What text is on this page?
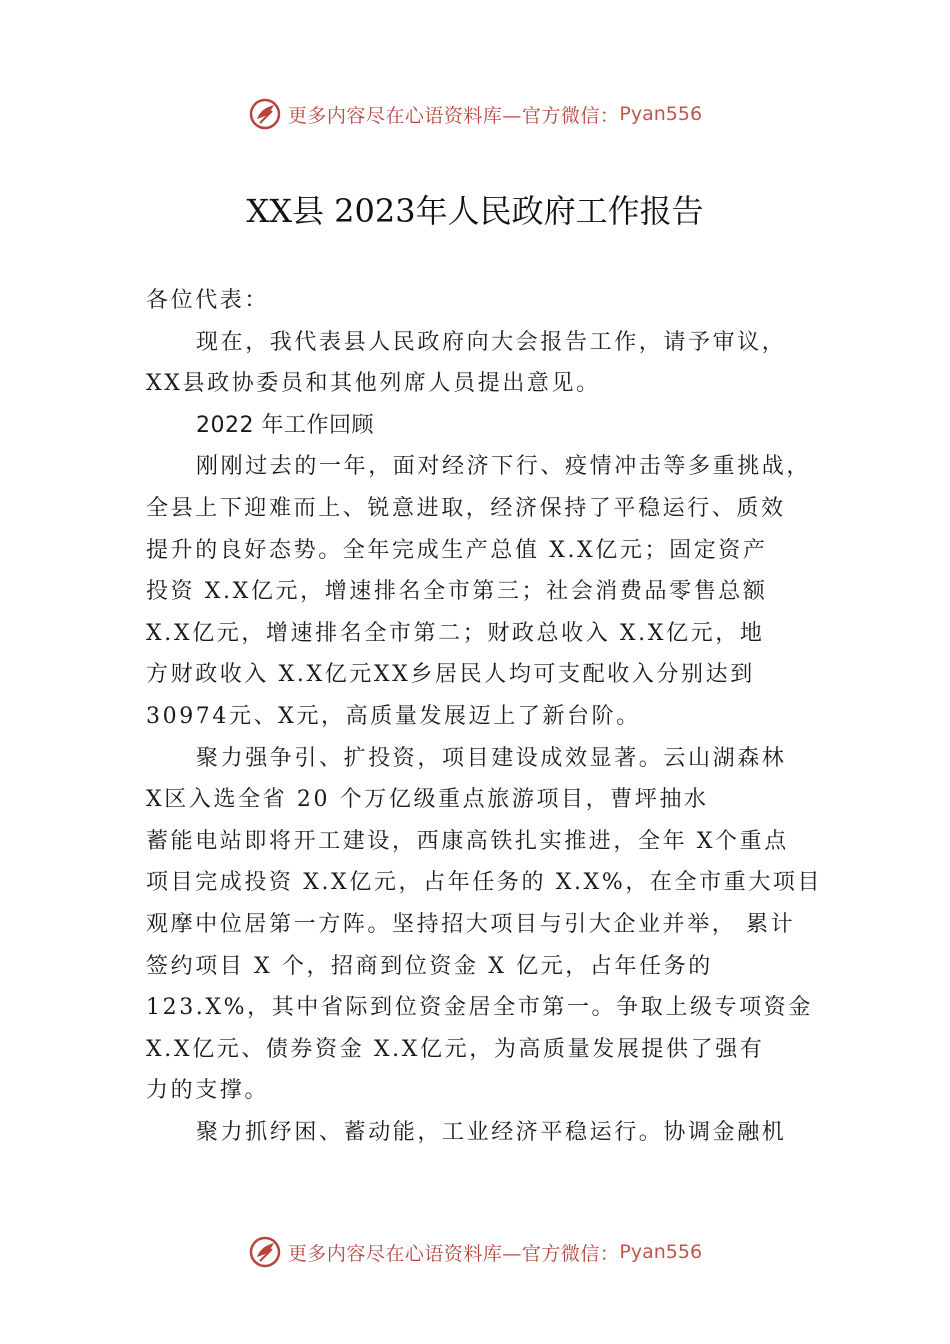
更多内容尽在心语资料库—官方微信： Pyan556
XX县 2023年人民政府工作报告
各位代表：
现在，我代表县人民政府向大会报告工作，请予审议，
XX县政协委员和其他列席人员提出意见。
2022 年工作回顾
刚刚过去的一年，面对经济下行、疫情冲击等多重挑战，
全县上下迎难而上、锐意进取，经济保持了平稳运行、质效
提升的良好态势。全年完成生产总值 X.X亿元；固定资产
投资 X.X亿元，增速排名全市第三；社会消费品零售总额
X.X亿元，增速排名全市第二；财政总收入 X.X亿元，地
方财政收入 X.X亿元XX乡居民人均可支配收入分别达到
30974元、X元，高质量发展迈上了新台阶。
聚力强争引、扩投资，项目建设成效显著。云山湖森林
X区入选全省 20 个万亿级重点旅游项目，曹坪抽水
蓄能电站即将开工建设，西康高铁扎实推进，全年 X个重点
项目完成投资 X.X亿元，占年任务的 X.X%，在全市重大项目
观摩中位居第一方阵。坚持招大项目与引大企业并举， 累计
签约项目 X 个，招商到位资金 X 亿元，占年任务的
123.X%，其中省际到位资金居全市第一。争取上级专项资金
X.X亿元、债券资金 X.X亿元，为高质量发展提供了强有
力的支撑。
聚力抓纾困、蓄动能，工业经济平稳运行。协调金融机
更多内容尽在心语资料库—官方微信： Pyan556
